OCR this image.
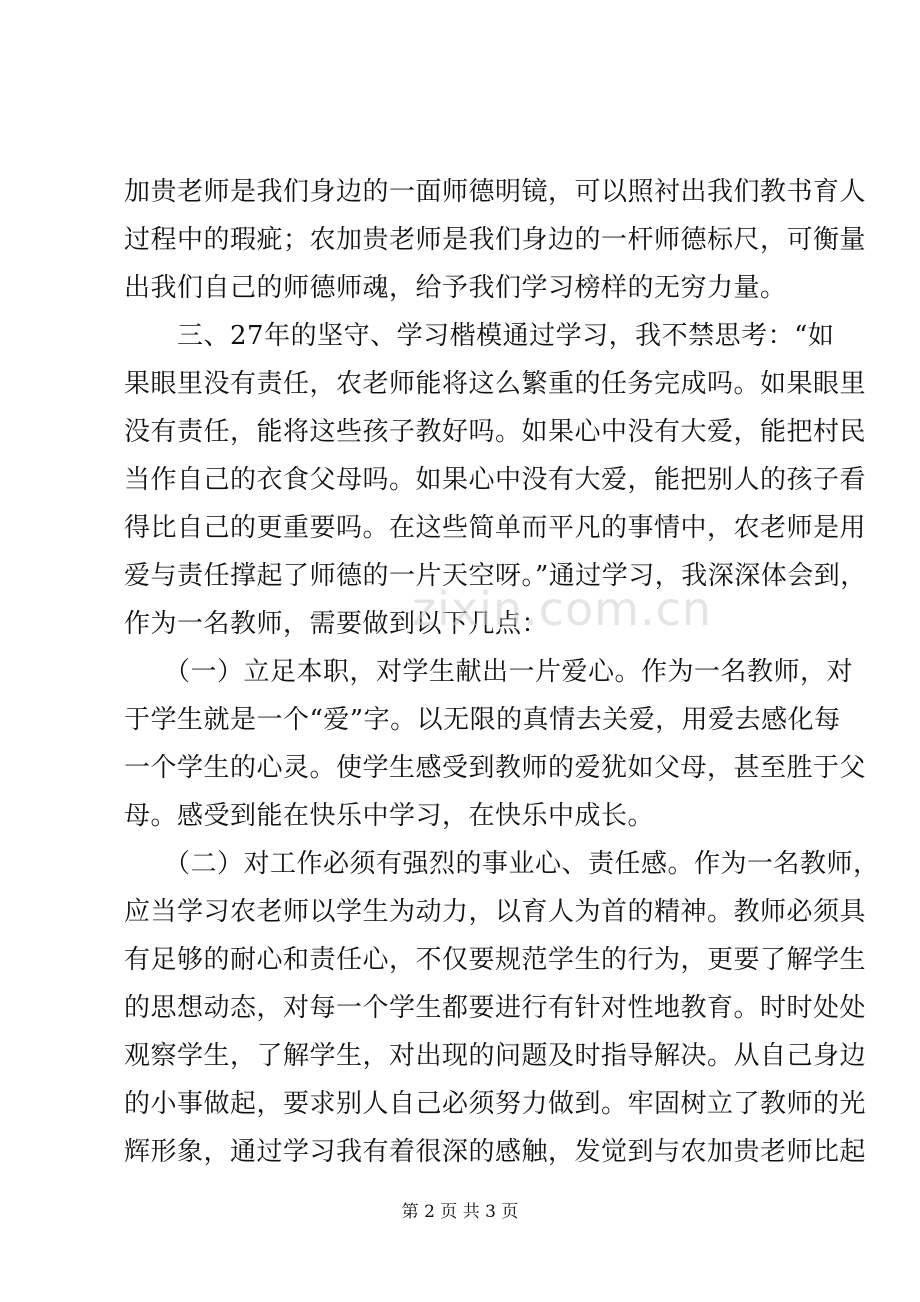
加贵老师是我们身边的一面师德明镜，可以照衬出我们教书育人
过程中的瑕疵；农加贵老师是我们身边的一杆师德标尺，可衡量
出我们自己的师德师魂，给予我们学习榜样的无穷力量。
　　三、27年的坚守、学习楷模通过学习，我不禁思考：“如
果眼里没有责任，农老师能将这么繁重的任务完成吗。如果眼里
没有责任，能将这些孩子教好吗。如果心中没有大爱，能把村民
当作自己的衣食父母吗。如果心中没有大爱，能把别人的孩子看
得比自己的更重要吗。在这些简单而平凡的事情中，农老师是用
爱与责任撑起了师德的一片天空呀。”通过学习，我深深体会到，
作为一名教师，需要做到以下几点：
　　（一）立足本职，对学生献出一片爱心。作为一名教师，对
于学生就是一个“爱”字。以无限的真情去关爱，用爱去感化每
一个学生的心灵。使学生感受到教师的爱犹如父母，甚至胜于父
母。感受到能在快乐中学习，在快乐中成长。
　　（二）对工作必须有强烈的事业心、责任感。作为一名教师，
应当学习农老师以学生为动力，以育人为首的精神。教师必须具
有足够的耐心和责任心，不仅要规范学生的行为，更要了解学生
的思想动态，对每一个学生都要进行有针对性地教育。时时处处
观察学生，了解学生，对出现的问题及时指导解决。从自己身边
的小事做起，要求别人自己必须努力做到。牢固树立了教师的光
辉形象，通过学习我有着很深的感触，发觉到与农加贵老师比起
zixin.com.cn
第 2 页 共 3 页
